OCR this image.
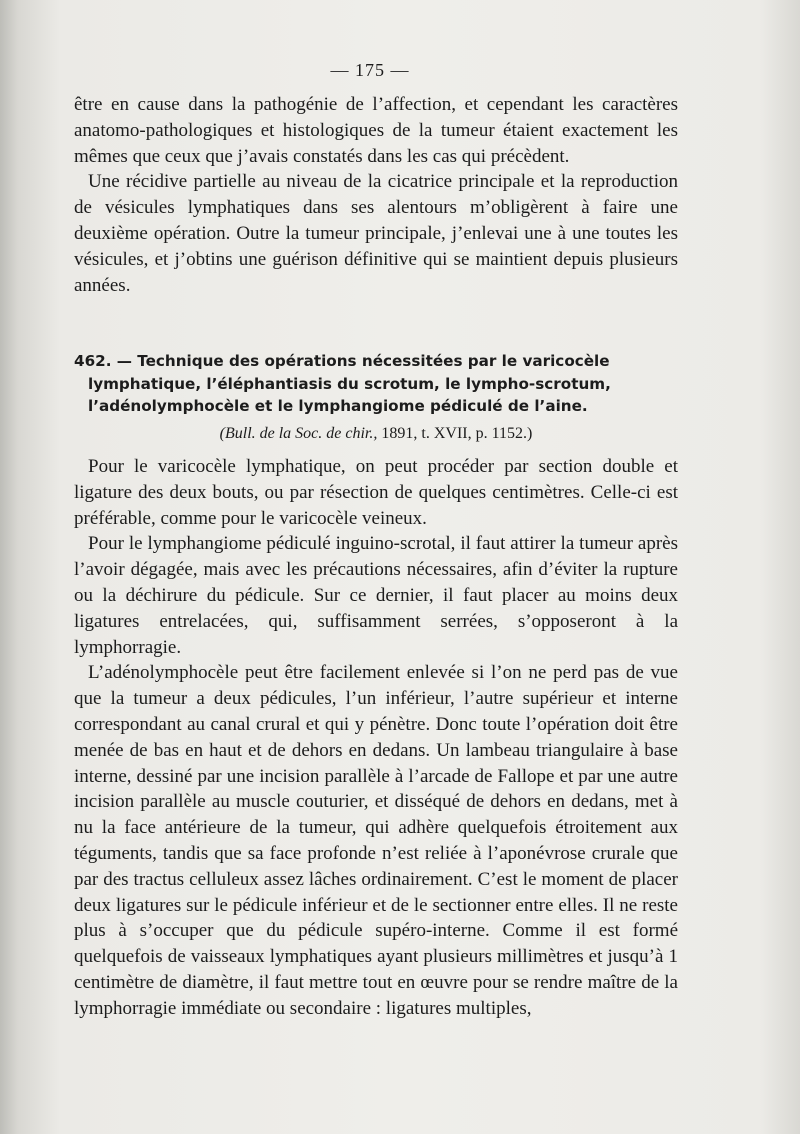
— 175 —

être en cause dans la pathogénie de l’affection, et cependant les caractères anatomo-pathologiques et histologiques de la tumeur étaient exactement les mêmes que ceux que j’avais constatés dans les cas qui précèdent.

Une récidive partielle au niveau de la cicatrice principale et la reproduction de vésicules lymphatiques dans ses alentours m’obligèrent à faire une deuxième opération. Outre la tumeur principale, j’enlevai une à une toutes les vésicules, et j’obtins une guérison définitive qui se maintient depuis plusieurs années.

462. — Technique des opérations nécessitées par le varicocèle
lymphatique, l’éléphantiasis du scrotum, le lympho-scrotum,
l’adénolymphocèle et le lymphangiome pédiculé de l’aine.
(Bull. de la Soc. de chir., 1891, t. XVII, p. 1152.)

Pour le varicocèle lymphatique, on peut procéder par section double et ligature des deux bouts, ou par résection de quelques centimètres. Celle-ci est préférable, comme pour le varicocèle veineux.

Pour le lymphangiome pédiculé inguino-scrotal, il faut attirer la tumeur après l’avoir dégagée, mais avec les précautions nécessaires, afin d’éviter la rupture ou la déchirure du pédicule. Sur ce dernier, il faut placer au moins deux ligatures entrelacées, qui, suffisamment serrées, s’opposeront à la lymphorragie.

L’adénolymphocèle peut être facilement enlevée si l’on ne perd pas de vue que la tumeur a deux pédicules, l’un inférieur, l’autre supérieur et interne correspondant au canal crural et qui y pénètre. Donc toute l’opération doit être menée de bas en haut et de dehors en dedans. Un lambeau triangulaire à base interne, dessiné par une incision parallèle à l’arcade de Fallope et par une autre incision parallèle au muscle couturier, et disséqué de dehors en dedans, met à nu la face antérieure de la tumeur, qui adhère quelquefois étroitement aux téguments, tandis que sa face profonde n’est reliée à l’aponévrose crurale que par des tractus celluleux assez lâches ordinairement. C’est le moment de placer deux ligatures sur le pédicule inférieur et de le sectionner entre elles. Il ne reste plus à s’occuper que du pédicule supéro-interne. Comme il est formé quelquefois de vaisseaux lymphatiques ayant plusieurs millimètres et jusqu’à 1 centimètre de diamètre, il faut mettre tout en œuvre pour se rendre maître de la lymphorragie immédiate ou secondaire : ligatures multiples,
